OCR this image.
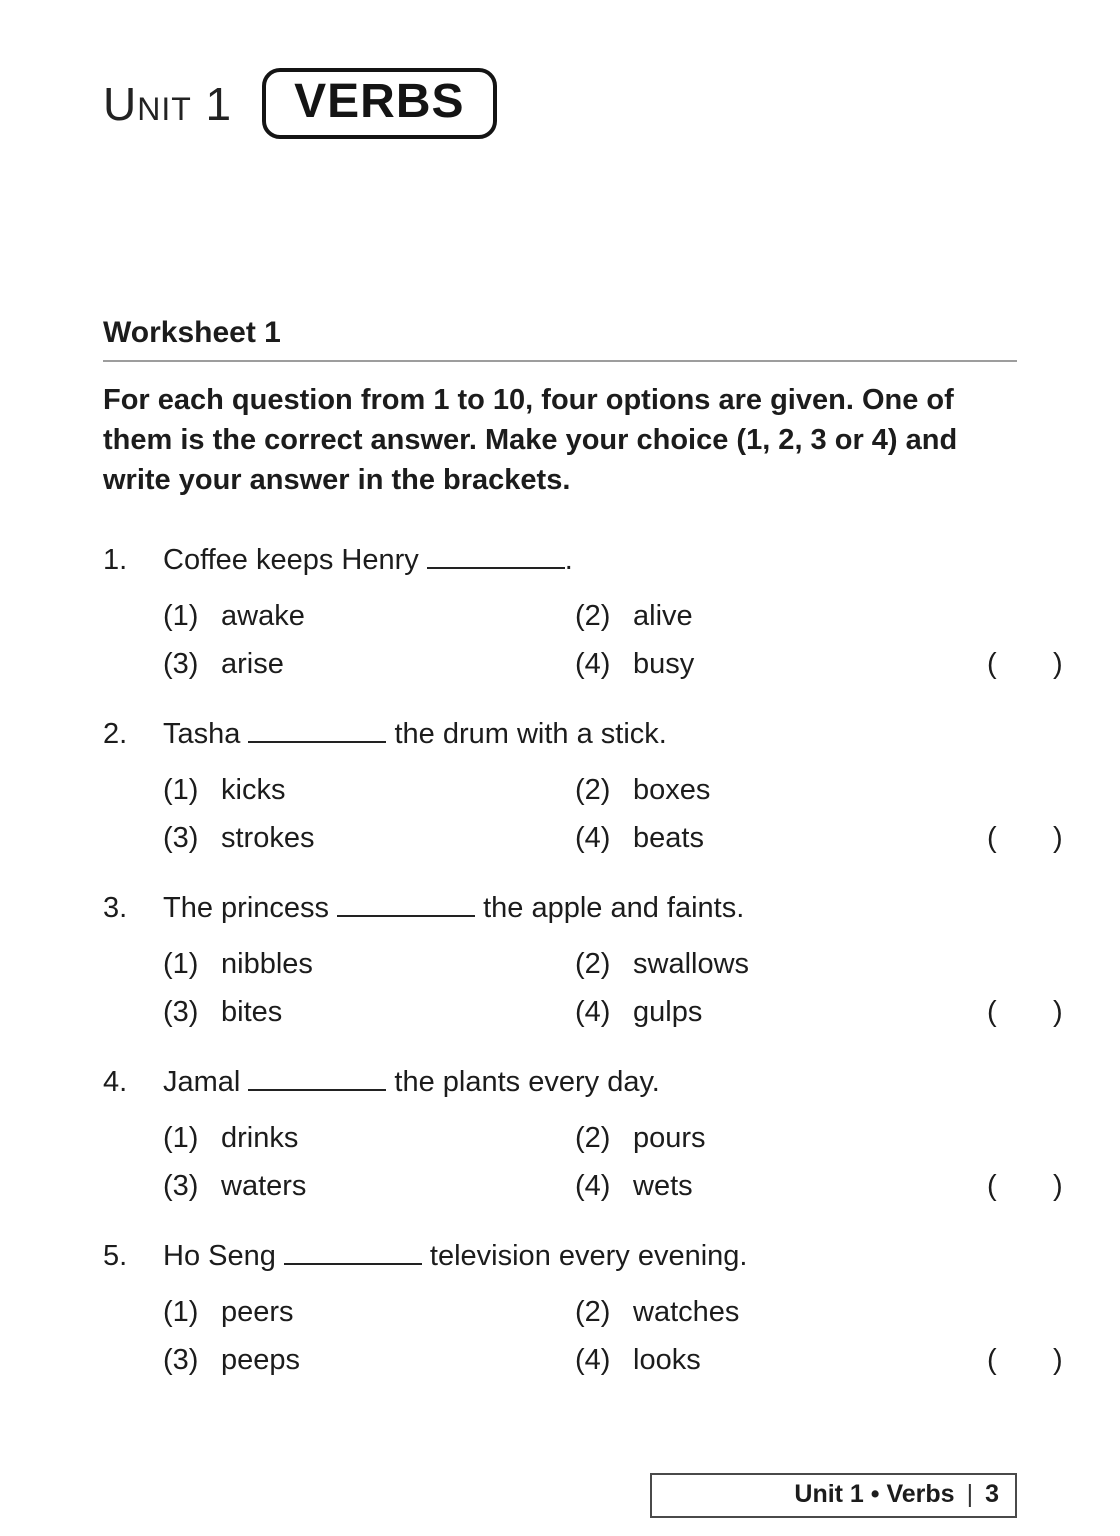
Unit 1	VERBS
Worksheet 1
For each question from 1 to 10, four options are given. One of
them is the correct answer. Make your choice (1, 2, 3 or 4) and
write your answer in the brackets.
1.	Coffee keeps Henry	.
(1) awake	(2) alive
(3) arise	(4) busy	(       )
2.	Tasha	the drum with a stick.
(1) kicks	(2) boxes
(3) strokes	(4) beats	(       )
3.	The princess	the apple and faints.
(1) nibbles	(2) swallows
(3) bites	(4) gulps	(       )
4.	Jamal	the plants every day.
(1) drinks	(2) pours
(3) waters	(4) wets	(       )
5.	Ho Seng	television every evening.
(1) peers	(2) watches
(3) peeps	(4) looks	(       )
Unit 1 • Verbs | 3
